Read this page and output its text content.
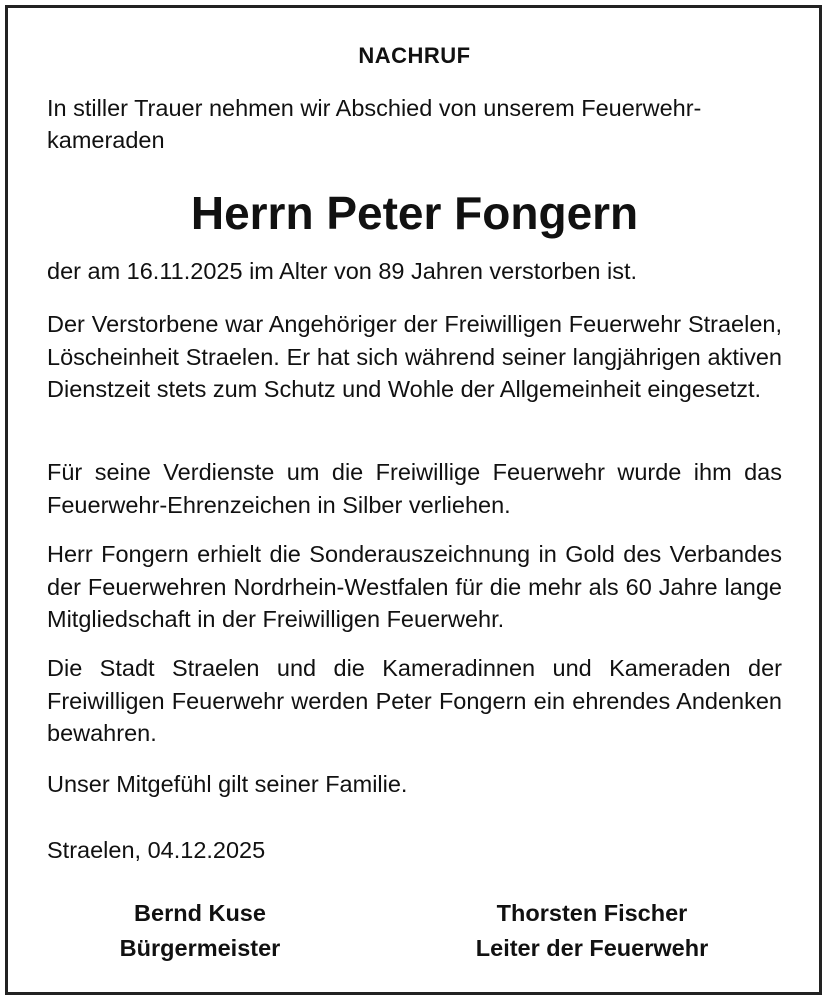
NACHRUF
In stiller Trauer nehmen wir Abschied von unserem Feuerwehr-
kameraden
Herrn Peter Fongern
der am 16.11.2025 im Alter von 89 Jahren verstorben ist.
Der Verstorbene war Angehöriger der Freiwilligen Feuerwehr Straelen, Löscheinheit Straelen. Er hat sich während seiner langjährigen aktiven Dienstzeit stets zum Schutz und Wohle der Allgemeinheit eingesetzt.
Für seine Verdienste um die Freiwillige Feuerwehr wurde ihm das Feuerwehr-Ehrenzeichen in Silber verliehen.
Herr Fongern erhielt die Sonderauszeichnung in Gold des Verbandes der Feuerwehren Nordrhein-Westfalen für die mehr als 60 Jahre lange Mitgliedschaft in der Freiwilligen Feuerwehr.
Die Stadt Straelen und die Kameradinnen und Kameraden der Freiwilligen Feuerwehr werden Peter Fongern ein ehrendes Andenken bewahren.
Unser Mitgefühl gilt seiner Familie.
Straelen, 04.12.2025
Bernd Kuse
Bürgermeister
Thorsten Fischer
Leiter der Feuerwehr
